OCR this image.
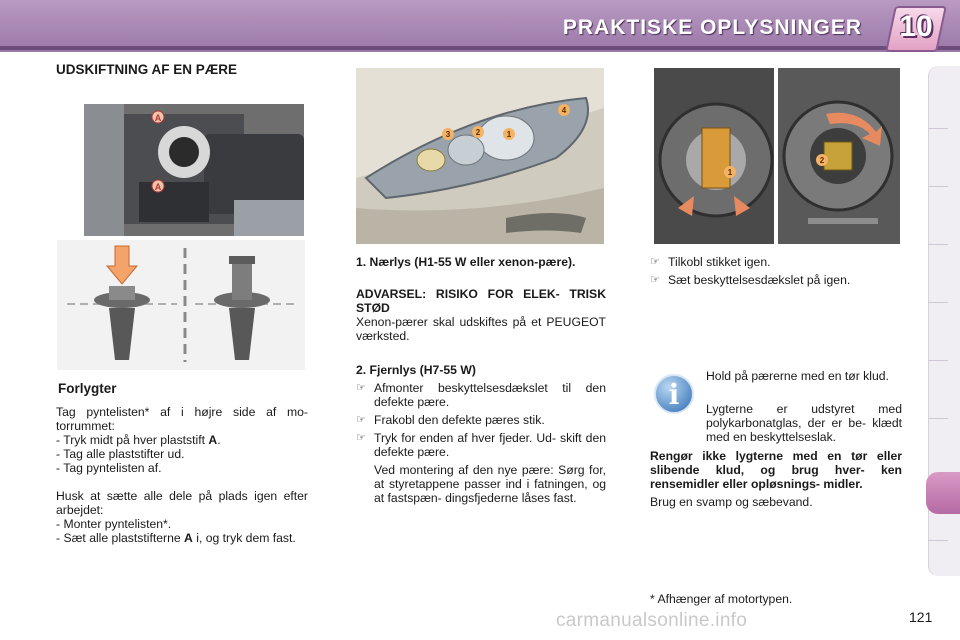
PRAKTISKE OPLYSNINGER 10
UDSKIFTNING AF EN PÆRE
A
A
Forlygter

Tag pyntelisten* af i højre side af mo- torrummet:

- Tryk midt på hver plaststift A.

- Tag alle plaststifter ud.

- Tag pyntelisten af.

Husk at sætte alle dele på plads igen efter arbejdet:

- Monter pyntelisten*.

- Sæt alle plaststifterne A i, og tryk dem fast.

3	2	1
4

1. Nærlys (H1-55 W eller xenon-pære).

ADVARSEL: RISIKO FOR ELEK- TRISK STØD

Xenon-pærer skal udskiftes på et PEUGEOT værksted.

2. Fjernlys (H7-55 W)

☞ Afmonter beskyttelsesdækslet til den defekte pære.

☞ Frakobl den defekte pæres stik.

☞ Tryk for enden af hver fjeder. Ud- skift den defekte pære.

Ved montering af den nye pære: Sørg for, at styretappene passer ind i fatningen, og at fastspæn- dingsfjederne låses fast.

1
2

☞ Tilkobl stikket igen.

☞ Sæt beskyttelsesdækslet på igen.

i

Hold på pærerne med en tør klud.

Lygterne er udstyret med polykarbonatglas, der er be- klædt med en beskyttelseslak.

Rengør ikke lygterne med en tør eller slibende klud, og brug hver- ken rensemidler eller opløsnings- midler.

Brug en svamp og sæbevand.

* Afhænger af motortypen.
carmanualsonline.info	121
